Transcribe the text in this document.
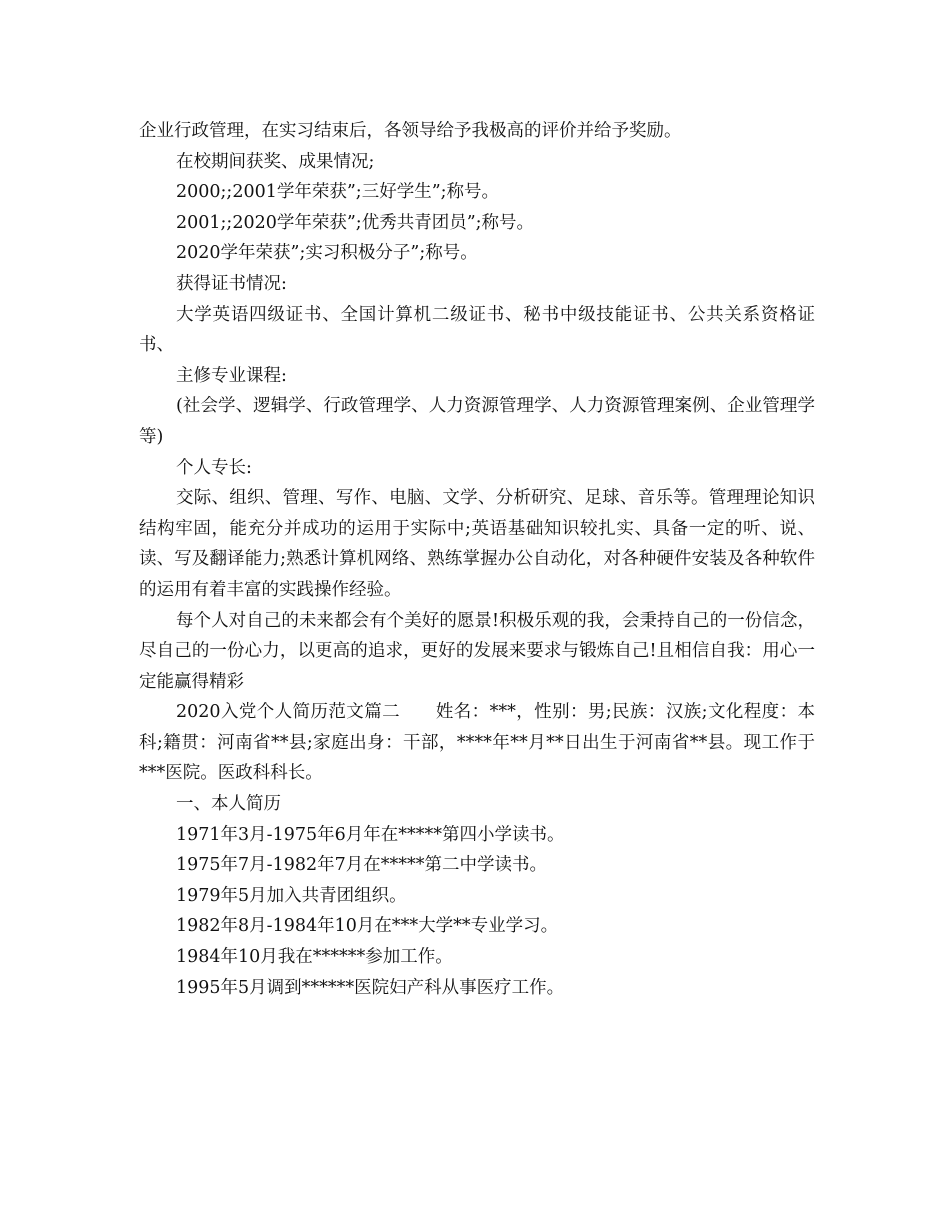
企业行政管理，在实习结束后，各领导给予我极高的评价并给予奖励。

在校期间获奖、成果情况;

2000;;2001学年荣获”;三好学生”;称号。

2001;;2020学年荣获”;优秀共青团员”;称号。

2020学年荣获”;实习积极分子”;称号。

获得证书情况:

大学英语四级证书、全国计算机二级证书、秘书中级技能证书、公共关系资格证书、

主修专业课程:

(社会学、逻辑学、行政管理学、人力资源管理学、人力资源管理案例、企业管理学等)

个人专长:

交际、组织、管理、写作、电脑、文学、分析研究、足球、音乐等。管理理论知识结构牢固，能充分并成功的运用于实际中;英语基础知识较扎实、具备一定的听、说、读、写及翻译能力;熟悉计算机网络、熟练掌握办公自动化，对各种硬件安装及各种软件的运用有着丰富的实践操作经验。

每个人对自己的未来都会有个美好的愿景!积极乐观的我，会秉持自己的一份信念，尽自己的一份心力，以更高的追求，更好的发展来要求与锻炼自己!且相信自我：用心一定能赢得精彩

2020入党个人简历范文篇二　　姓名：***，性别：男;民族：汉族;文化程度：本科;籍贯：河南省**县;家庭出身：干部，****年**月**日出生于河南省**县。现工作于***医院。医政科科长。

一、本人简历

1971年3月-1975年6月年在*****第四小学读书。

1975年7月-1982年7月在*****第二中学读书。

1979年5月加入共青团组织。

1982年8月-1984年10月在***大学**专业学习。

1984年10月我在******参加工作。

1995年5月调到******医院妇产科从事医疗工作。
